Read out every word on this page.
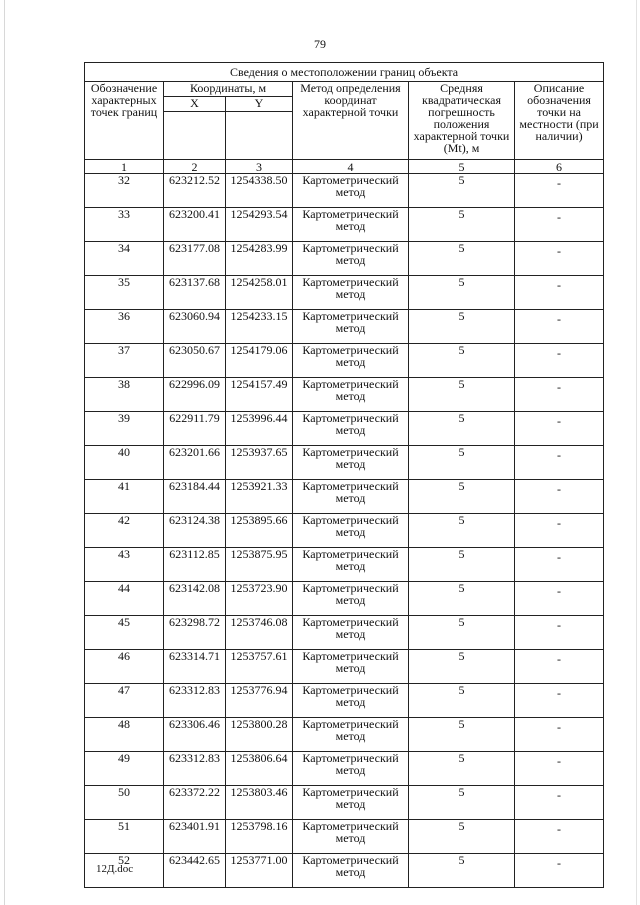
79
Сведения о местоположении границ объекта					
Обозначение характерных точек границ	Координаты, м		Метод определения координат характерной точки	Средняя квадратическая погрешность положения характерной точки (Mt), м	Описание обозначения точки на местности (при наличии)
	X	Y			

1	2	3	4	5	6
32	623212.52	1254338.50	Картометрический метод	5	-
33	623200.41	1254293.54	Картометрический метод	5	-
34	623177.08	1254283.99	Картометрический метод	5	-
35	623137.68	1254258.01	Картометрический метод	5	-
36	623060.94	1254233.15	Картометрический метод	5	-
37	623050.67	1254179.06	Картометрический метод	5	-
38	622996.09	1254157.49	Картометрический метод	5	-
39	622911.79	1253996.44	Картометрический метод	5	-
40	623201.66	1253937.65	Картометрический метод	5	-
41	623184.44	1253921.33	Картометрический метод	5	-
42	623124.38	1253895.66	Картометрический метод	5	-
43	623112.85	1253875.95	Картометрический метод	5	-
44	623142.08	1253723.90	Картометрический метод	5	-
45	623298.72	1253746.08	Картометрический метод	5	-
46	623314.71	1253757.61	Картометрический метод	5	-
47	623312.83	1253776.94	Картометрический метод	5	-
48	623306.46	1253800.28	Картометрический метод	5	-
49	623312.83	1253806.64	Картометрический метод	5	-
50	623372.22	1253803.46	Картометрический метод	5	-
51	623401.91	1253798.16	Картометрический метод	5	-
52	623442.65	1253771.00	Картометрический метод	5	-
12Д.doc
